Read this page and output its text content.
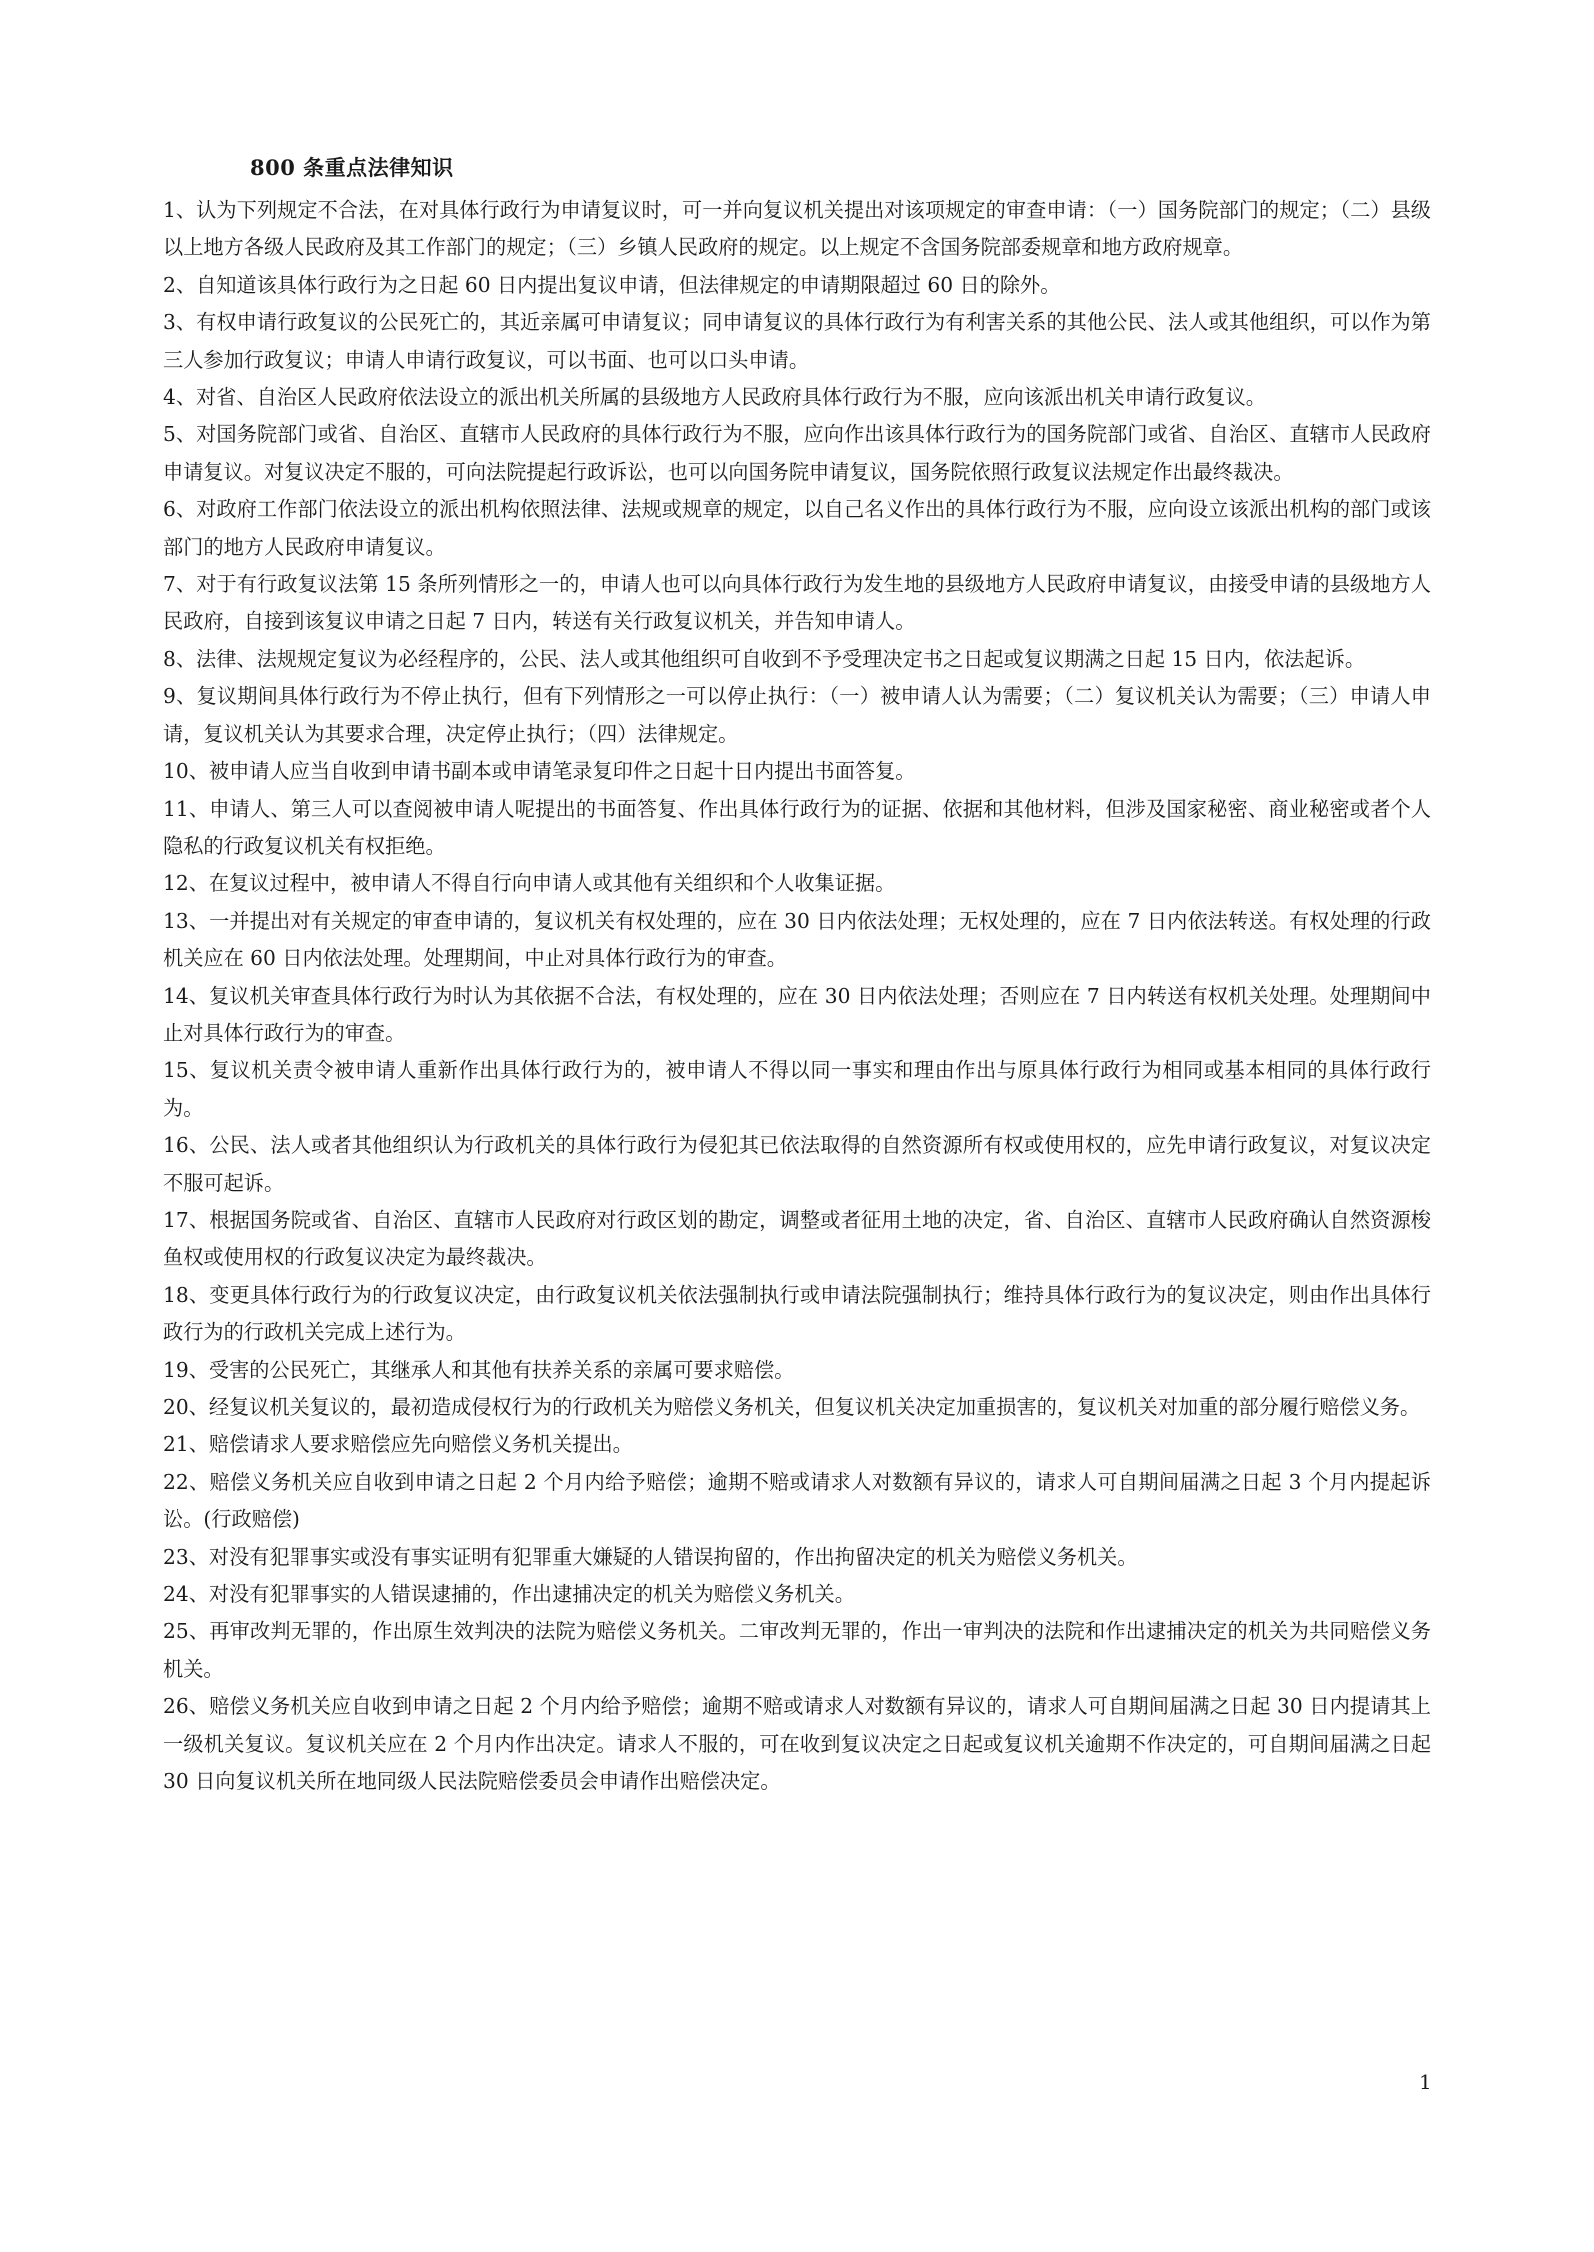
800 条重点法律知识

1、认为下列规定不合法，在对具体行政行为申请复议时，可一并向复议机关提出对该项规定的审查申请：（一）国务院部门的规定；（二）县级以上地方各级人民政府及其工作部门的规定；（三）乡镇人民政府的规定。以上规定不含国务院部委规章和地方政府规章。

2、自知道该具体行政行为之日起 60 日内提出复议申请，但法律规定的申请期限超过 60 日的除外。

3、有权申请行政复议的公民死亡的，其近亲属可申请复议；同申请复议的具体行政行为有利害关系的其他公民、法人或其他组织，可以作为第三人参加行政复议；申请人申请行政复议，可以书面、也可以口头申请。

4、对省、自治区人民政府依法设立的派出机关所属的县级地方人民政府具体行政行为不服，应向该派出机关申请行政复议。

5、对国务院部门或省、自治区、直辖市人民政府的具体行政行为不服，应向作出该具体行政行为的国务院部门或省、自治区、直辖市人民政府申请复议。对复议决定不服的，可向法院提起行政诉讼，也可以向国务院申请复议，国务院依照行政复议法规定作出最终裁决。

6、对政府工作部门依法设立的派出机构依照法律、法规或规章的规定，以自己名义作出的具体行政行为不服，应向设立该派出机构的部门或该部门的地方人民政府申请复议。

7、对于有行政复议法第 15 条所列情形之一的，申请人也可以向具体行政行为发生地的县级地方人民政府申请复议，由接受申请的县级地方人民政府，自接到该复议申请之日起 7 日内，转送有关行政复议机关，并告知申请人。

8、法律、法规规定复议为必经程序的，公民、法人或其他组织可自收到不予受理决定书之日起或复议期满之日起 15 日内，依法起诉。

9、复议期间具体行政行为不停止执行，但有下列情形之一可以停止执行：（一）被申请人认为需要；（二）复议机关认为需要；（三）申请人申请，复议机关认为其要求合理，决定停止执行；（四）法律规定。

10、被申请人应当自收到申请书副本或申请笔录复印件之日起十日内提出书面答复。

11、申请人、第三人可以查阅被申请人呢提出的书面答复、作出具体行政行为的证据、依据和其他材料，但涉及国家秘密、商业秘密或者个人隐私的行政复议机关有权拒绝。

12、在复议过程中，被申请人不得自行向申请人或其他有关组织和个人收集证据。

13、一并提出对有关规定的审查申请的，复议机关有权处理的，应在 30 日内依法处理；无权处理的，应在 7 日内依法转送。有权处理的行政机关应在 60 日内依法处理。处理期间，中止对具体行政行为的审查。

14、复议机关审查具体行政行为时认为其依据不合法，有权处理的，应在 30 日内依法处理；否则应在 7 日内转送有权机关处理。处理期间中止对具体行政行为的审查。

15、复议机关责令被申请人重新作出具体行政行为的，被申请人不得以同一事实和理由作出与原具体行政行为相同或基本相同的具体行政行为。

16、公民、法人或者其他组织认为行政机关的具体行政行为侵犯其已依法取得的自然资源所有权或使用权的，应先申请行政复议，对复议决定不服可起诉。

17、根据国务院或省、自治区、直辖市人民政府对行政区划的勘定，调整或者征用土地的决定，省、自治区、直辖市人民政府确认自然资源梭鱼权或使用权的行政复议决定为最终裁决。

18、变更具体行政行为的行政复议决定，由行政复议机关依法强制执行或申请法院强制执行；维持具体行政行为的复议决定，则由作出具体行政行为的行政机关完成上述行为。

19、受害的公民死亡，其继承人和其他有扶养关系的亲属可要求赔偿。

20、经复议机关复议的，最初造成侵权行为的行政机关为赔偿义务机关，但复议机关决定加重损害的，复议机关对加重的部分履行赔偿义务。

21、赔偿请求人要求赔偿应先向赔偿义务机关提出。

22、赔偿义务机关应自收到申请之日起 2 个月内给予赔偿；逾期不赔或请求人对数额有异议的，请求人可自期间届满之日起 3 个月内提起诉讼。(行政赔偿)

23、对没有犯罪事实或没有事实证明有犯罪重大嫌疑的人错误拘留的，作出拘留决定的机关为赔偿义务机关。

24、对没有犯罪事实的人错误逮捕的，作出逮捕决定的机关为赔偿义务机关。

25、再审改判无罪的，作出原生效判决的法院为赔偿义务机关。二审改判无罪的，作出一审判决的法院和作出逮捕决定的机关为共同赔偿义务机关。

26、赔偿义务机关应自收到申请之日起 2 个月内给予赔偿；逾期不赔或请求人对数额有异议的，请求人可自期间届满之日起 30 日内提请其上一级机关复议。复议机关应在 2 个月内作出决定。请求人不服的，可在收到复议决定之日起或复议机关逾期不作决定的，可自期间届满之日起 30 日向复议机关所在地同级人民法院赔偿委员会申请作出赔偿决定。

1
